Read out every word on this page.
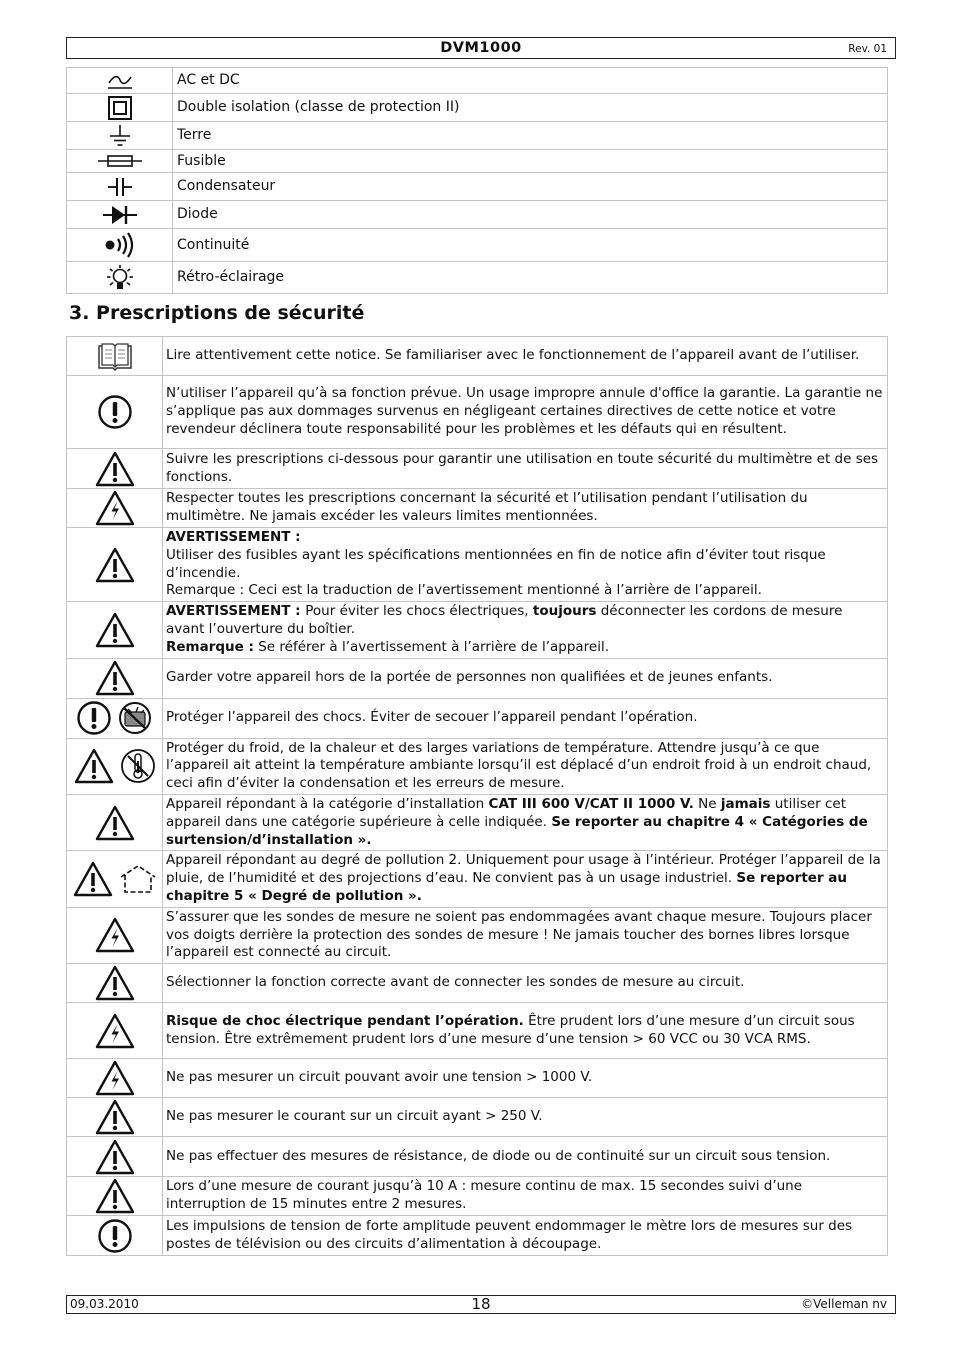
DVM1000	Rev. 01
	AC et DC

	Double isolation (classe de protection II)

	Terre

	Fusible

	Condensateur

	Diode

	Continuité

	Rétro-éclairage
3. Prescriptions de sécurité
	Lire attentivement cette notice. Se familiariser avec le fonctionnement de l’appareil avant de l’utiliser.
	N’utiliser l’appareil qu’à sa fonction prévue. Un usage impropre annule d'office la garantie. La garantie ne s’applique pas aux dommages survenus en négligeant certaines directives de cette notice et votre revendeur déclinera toute responsabilité pour les problèmes et les défauts qui en résultent.
	Suivre les prescriptions ci-dessous pour garantir une utilisation en toute sécurité du multimètre et de ses fonctions.
	Respecter toutes les prescriptions concernant la sécurité et l’utilisation pendant l’utilisation du multimètre. Ne jamais excéder les valeurs limites mentionnées.
	AVERTISSEMENT :
Utiliser des fusibles ayant les spécifications mentionnées en fin de notice afin d’éviter tout risque d’incendie.
Remarque : Ceci est la traduction de l’avertissement mentionné à l’arrière de l’appareil.
	AVERTISSEMENT : Pour éviter les chocs électriques, toujours déconnecter les cordons de mesure avant l’ouverture du boîtier.
Remarque : Se référer à l’avertissement à l’arrière de l’appareil.
	Garder votre appareil hors de la portée de personnes non qualifiées et de jeunes enfants.
	Protéger l’appareil des chocs. Éviter de secouer l’appareil pendant l’opération.
	Protéger du froid, de la chaleur et des larges variations de température. Attendre jusqu’à ce que l’appareil ait atteint la température ambiante lorsqu’il est déplacé d’un endroit froid à un endroit chaud, ceci afin d’éviter la condensation et les erreurs de mesure.
	Appareil répondant à la catégorie d’installation CAT III 600 V/CAT II 1000 V. Ne jamais utiliser cet appareil dans une catégorie supérieure à celle indiquée. Se reporter au chapitre 4 « Catégories de surtension/d’installation ».
	Appareil répondant au degré de pollution 2. Uniquement pour usage à l’intérieur. Protéger l’appareil de la pluie, de l’humidité et des projections d’eau. Ne convient pas à un usage industriel. Se reporter au chapitre 5 « Degré de pollution ».
	S’assurer que les sondes de mesure ne soient pas endommagées avant chaque mesure. Toujours placer vos doigts derrière la protection des sondes de mesure ! Ne jamais toucher des bornes libres lorsque l’appareil est connecté au circuit.
	Sélectionner la fonction correcte avant de connecter les sondes de mesure au circuit.
	Risque de choc électrique pendant l’opération. Être prudent lors d’une mesure d’un circuit sous tension. Être extrêmement prudent lors d’une mesure d’une tension > 60 VCC ou 30 VCA RMS.
	Ne pas mesurer un circuit pouvant avoir une tension > 1000 V.
	Ne pas mesurer le courant sur un circuit ayant > 250 V.
	Ne pas effectuer des mesures de résistance, de diode ou de continuité sur un circuit sous tension.
	Lors d’une mesure de courant jusqu’à 10 A : mesure continu de max. 15 secondes suivi d’une interruption de 15 minutes entre 2 mesures.
	Les impulsions de tension de forte amplitude peuvent endommager le mètre lors de mesures sur des postes de télévision ou des circuits d’alimentation à découpage.
09.03.2010	18	©Velleman nv
